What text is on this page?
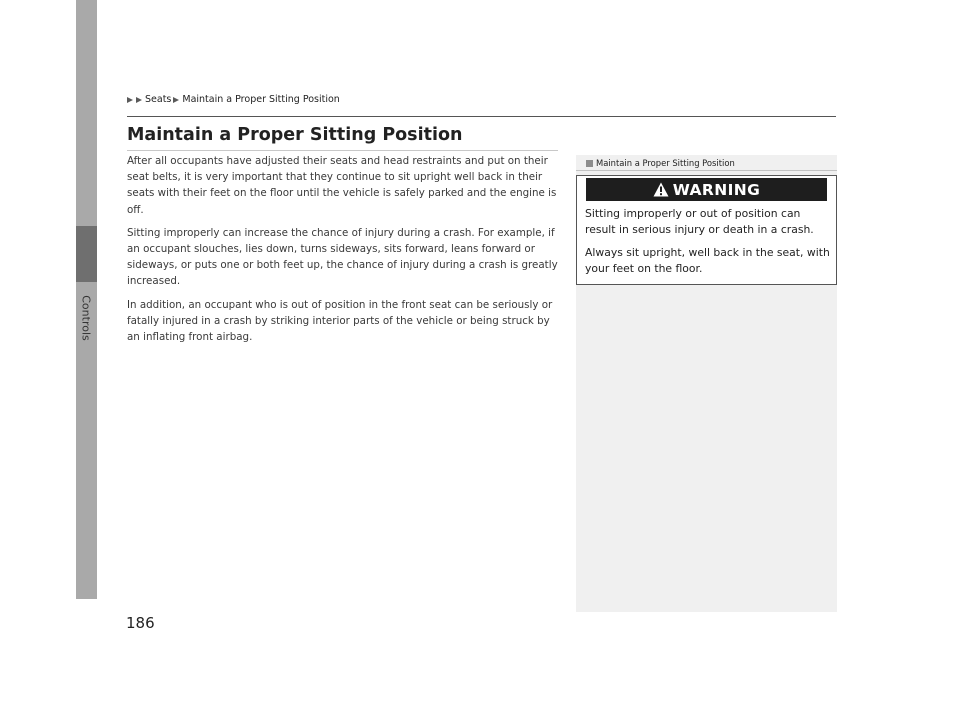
Controls
Seats Maintain a Proper Sitting Position
Maintain a Proper Sitting Position

After all occupants have adjusted their seats and head restraints and put on their seat belts, it is very important that they continue to sit upright well back in their seats with their feet on the floor until the vehicle is safely parked and the engine is off.

Sitting improperly can increase the chance of injury during a crash. For example, if an occupant slouches, lies down, turns sideways, sits forward, leans forward or sideways, or puts one or both feet up, the chance of injury during a crash is greatly increased.

In addition, an occupant who is out of position in the front seat can be seriously or fatally injured in a crash by striking interior parts of the vehicle or being struck by an inflating front airbag.

Maintain a Proper Sitting Position
WARNING

Sitting improperly or out of position can result in serious injury or death in a crash.

Always sit upright, well back in the seat, with your feet on the floor.

186
